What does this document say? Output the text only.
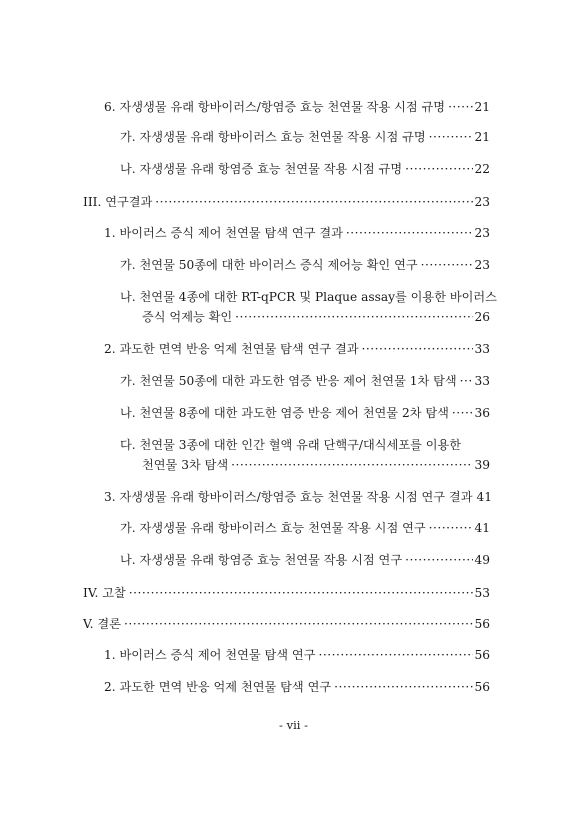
6. 자생생물 유래 항바이러스/항염증 효능 천연물 작용 시점 규명 ····· 21
가. 자생생물 유래 항바이러스 효능 천연물 작용 시점 규명 ·····	21
나. 자생생물 유래 항염증 효능 천연물 작용 시점 규명 ·····	22
III. 연구결과 ·····	23
1. 바이러스 증식 제어 천연물 탐색 연구 결과 ·····	23
가. 천연물 50종에 대한 바이러스 증식 제어능 확인 연구 ·····	23
나. 천연물 4종에 대한 RT-qPCR 및 Plaque assay를 이용한 바이러스
증식 억제능 확인 ·····	26
2. 과도한 면역 반응 억제 천연물 탐색 연구 결과 ·····	33
가. 천연물 50종에 대한 과도한 염증 반응 제어 천연물 1차 탐색 ····· 33
나. 천연물 8종에 대한 과도한 염증 반응 제어 천연물 2차 탐색 ····· 36
다. 천연물 3종에 대한 인간 혈액 유래 단핵구/대식세포를 이용한
천연물 3차 탐색 ·····	39
3. 자생생물 유래 항바이러스/항염증 효능 천연물 작용 시점 연구 결과 41
가. 자생생물 유래 항바이러스 효능 천연물 작용 시점 연구 ·····	41
나. 자생생물 유래 항염증 효능 천연물 작용 시점 연구 ·····	49
IV. 고찰 ·····	53
V. 결론 ·····	56
1. 바이러스 증식 제어 천연물 탐색 연구 ·····	56
2. 과도한 면역 반응 억제 천연물 탐색 연구 ·····	56
- vii -
